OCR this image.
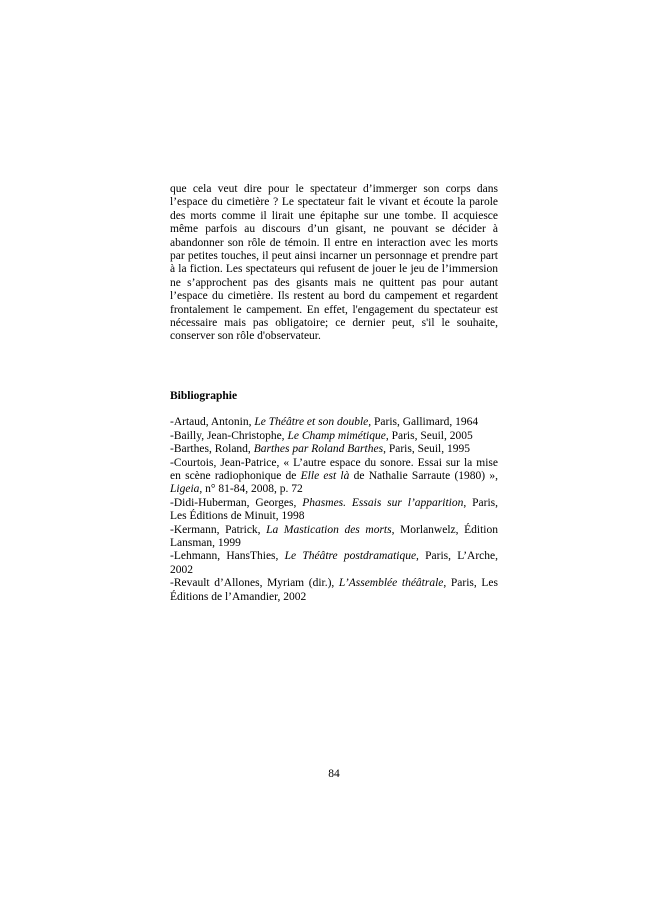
que cela veut dire pour le spectateur d’immerger son corps dans l’espace du cimetière ? Le spectateur fait le vivant et écoute la parole des morts comme il lirait une épitaphe sur une tombe. Il acquiesce même parfois au discours d’un gisant, ne pouvant se décider à abandonner son rôle de témoin. Il entre en interaction avec les morts par petites touches, il peut ainsi incarner un personnage et prendre part à la fiction. Les spectateurs qui refusent de jouer le jeu de l’immersion ne s’approchent pas des gisants mais ne quittent pas pour autant l’espace du cimetière. Ils restent au bord du campement et regardent frontalement le campement. En effet, l'engagement du spectateur est nécessaire mais pas obligatoire; ce dernier peut, s'il le souhaite, conserver son rôle d'observateur.

Bibliographie

-Artaud, Antonin, Le Théâtre et son double, Paris, Gallimard, 1964

-Bailly, Jean-Christophe, Le Champ mimétique, Paris, Seuil, 2005

-Barthes, Roland, Barthes par Roland Barthes, Paris, Seuil, 1995

-Courtois, Jean-Patrice, « L’autre espace du sonore. Essai sur la mise en scène radiophonique de Elle est là de Nathalie Sarraute (1980) », Ligeia, n° 81-84, 2008, p. 72

-Didi-Huberman, Georges, Phasmes. Essais sur l’apparition, Paris, Les Éditions de Minuit, 1998

-Kermann, Patrick, La Mastication des morts, Morlanwelz, Édition Lansman, 1999

-Lehmann, HansThies, Le Théâtre postdramatique, Paris, L’Arche, 2002

-Revault d’Allones, Myriam (dir.), L’Assemblée théâtrale, Paris, Les Éditions de l’Amandier, 2002

84
